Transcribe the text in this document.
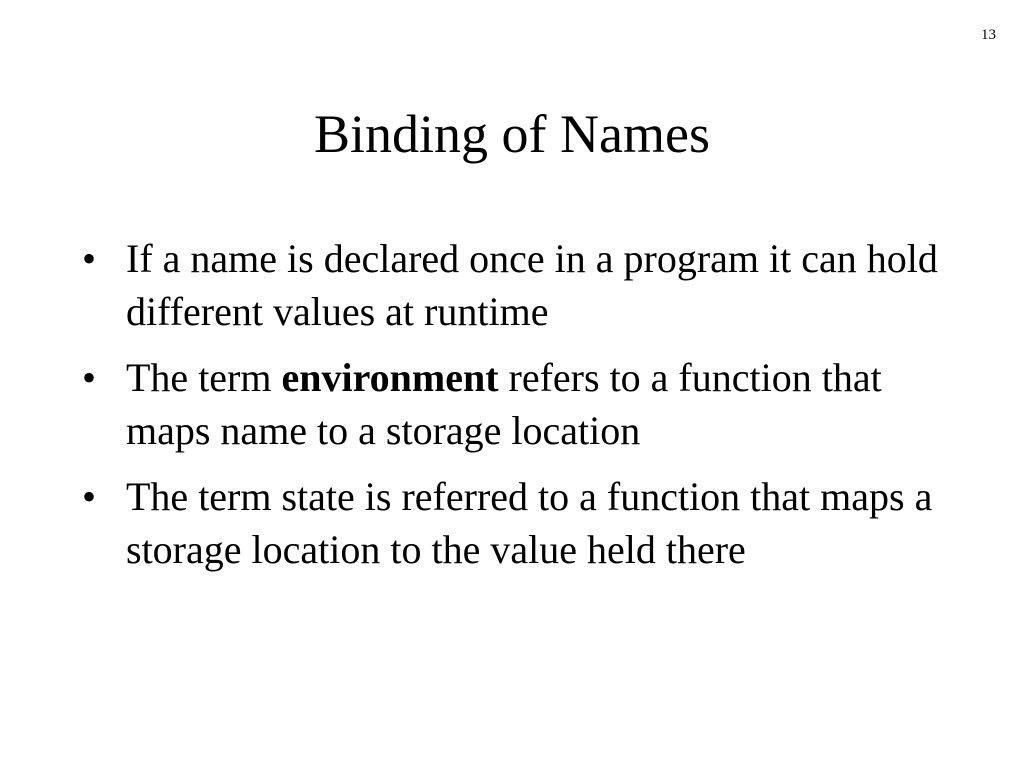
13
Binding of Names
• If a name is declared once in a program it can hold different values at runtime
• The term environment refers to a function that maps name to a storage location
• The term state is referred to a function that maps a storage location to the value held there
